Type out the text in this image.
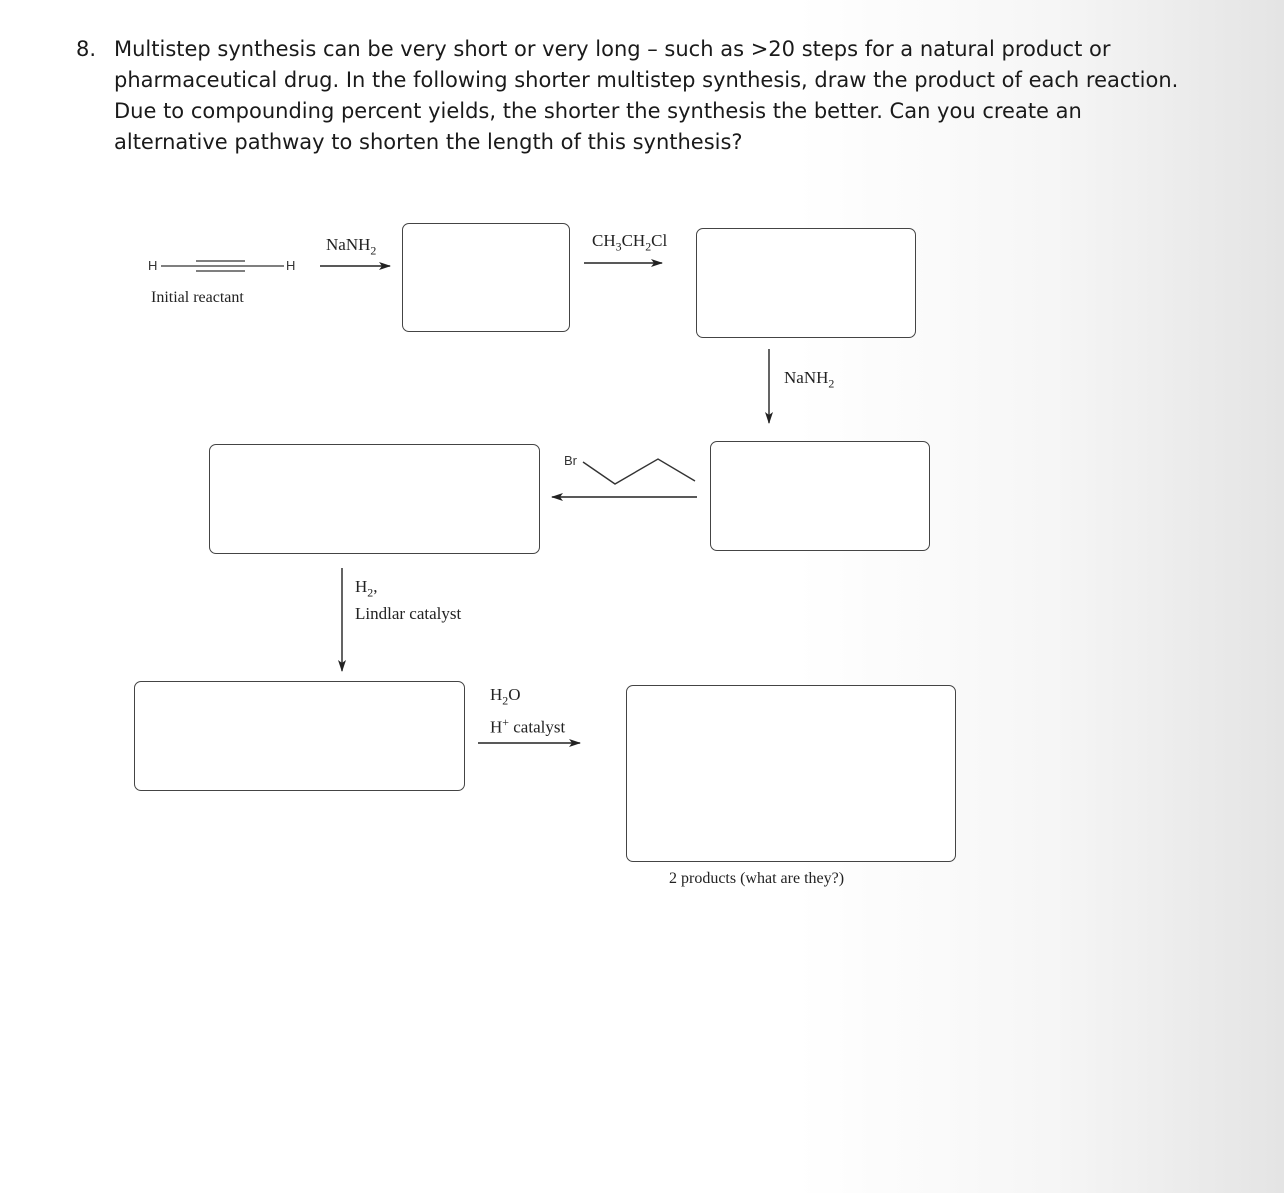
8. Multistep synthesis can be very short or very long – such as >20 steps for a natural product or pharmaceutical drug. In the following shorter multistep synthesis, draw the product of each reaction. Due to compounding percent yields, the shorter the synthesis the better. Can you create an alternative pathway to shorten the length of this synthesis?
H	H
Initial reactant
NaNH$_2$
$CH_3CH_2Cl$
NaNH$_2$
Br
$H_2$,
Lindlar catalyst
$H_2O$
H+ catalyst
2 products (what are they?)
